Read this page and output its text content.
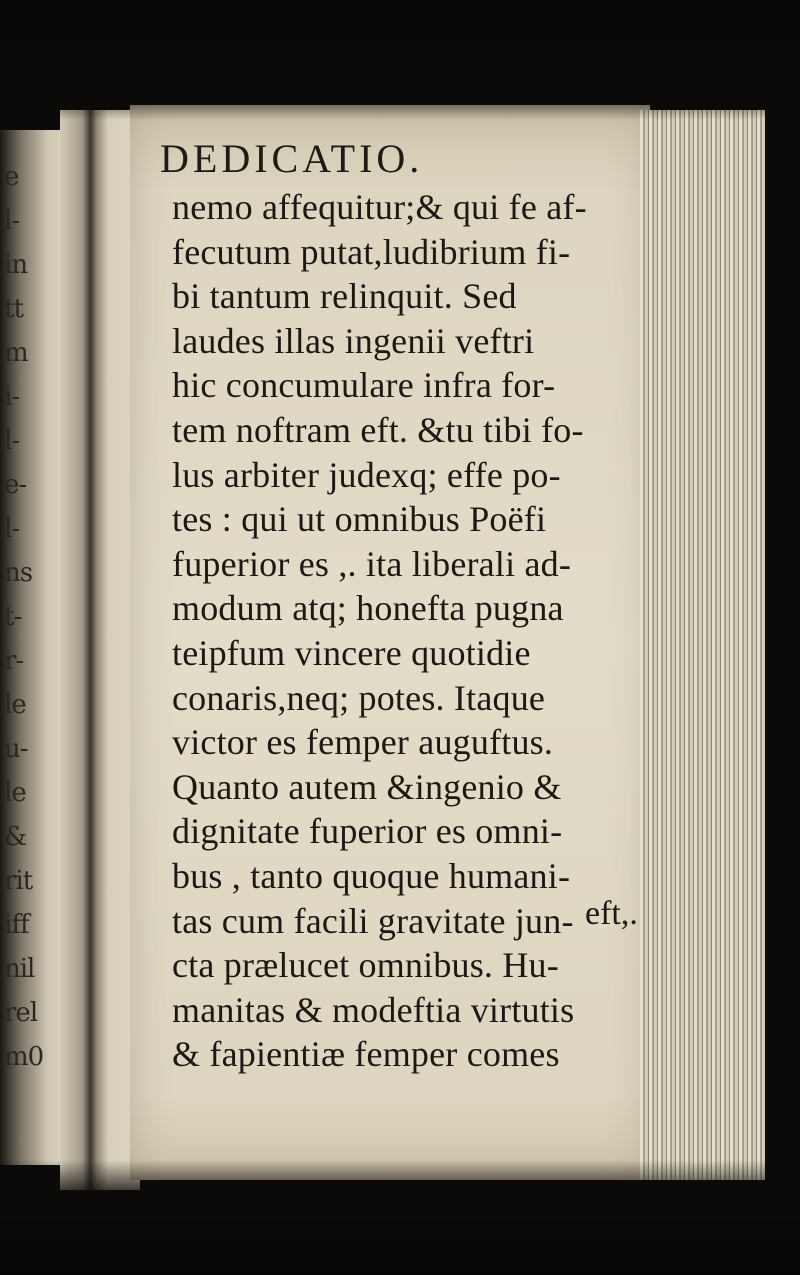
e
l-
in
tt
m
i-
l-
e-
l-
ns
t-
r-
le
u-
le
&
rit
iff
nil
rel
m0
DEDICATIO.
nemo affequitur;& qui fe af-
fecutum putat,ludibrium fi-
bi tantum relinquit. Sed
laudes illas ingenii veftri
hic concumulare infra for-
tem noftram eft. &tu tibi fo-
lus arbiter judexq; effe po-
tes : qui ut omnibus Poëfi
fuperior es ,. ita liberali ad-
modum atq; honefta pugna
teipfum vincere quotidie
conaris,neq; potes. Itaque
victor es femper auguftus.
Quanto autem &ingenio &
dignitate fuperior es omni-
bus , tanto quoque humani-
tas cum facili gravitate jun-
cta prælucet omnibus. Hu-
manitas & modeftia virtutis
& fapientiæ femper comes
eft,.
